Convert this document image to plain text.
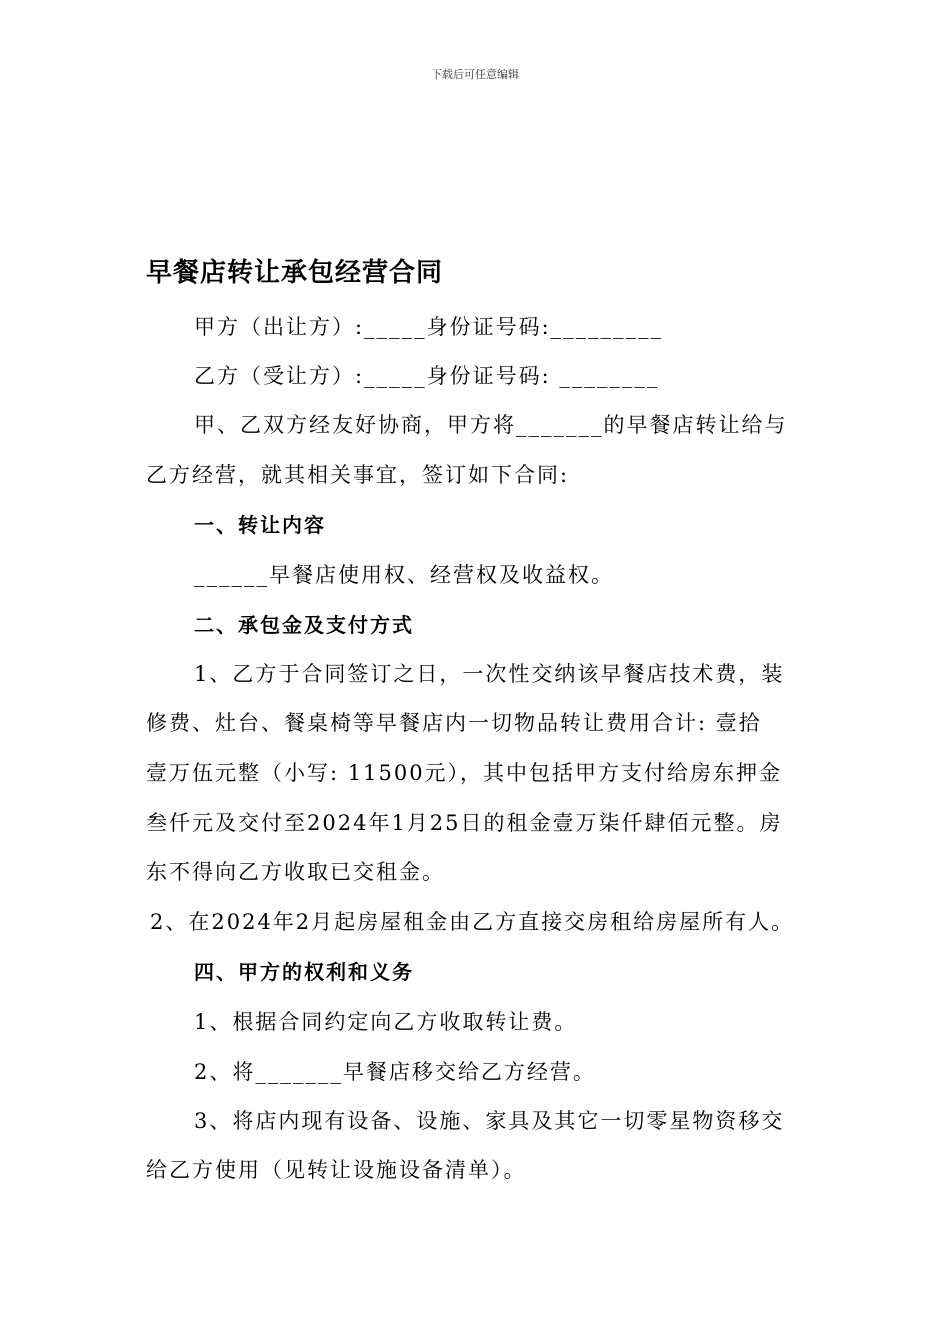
下载后可任意编辑
早餐店转让承包经营合同
甲方（出让方）:_____身份证号码:_________
乙方（受让方）:_____身份证号码: ________
甲、乙双方经友好协商，甲方将_______的早餐店转让给与
乙方经营，就其相关事宜，签订如下合同:
一、转让内容
______早餐店使用权、经营权及收益权。
二、承包金及支付方式
1、乙方于合同签订之日，一次性交纳该早餐店技术费，装
修费、灶台、餐桌椅等早餐店内一切物品转让费用合计: 壹拾
壹万伍元整（小写: 11500元），其中包括甲方支付给房东押金
叁仟元及交付至2024年1月25日的租金壹万柒仟肆佰元整。房
东不得向乙方收取已交租金。
2、在2024年2月起房屋租金由乙方直接交房租给房屋所有人。
四、甲方的权利和义务
1、根据合同约定向乙方收取转让费。
2、将_______早餐店移交给乙方经营。
3、将店内现有设备、设施、家具及其它一切零星物资移交
给乙方使用（见转让设施设备清单）。
